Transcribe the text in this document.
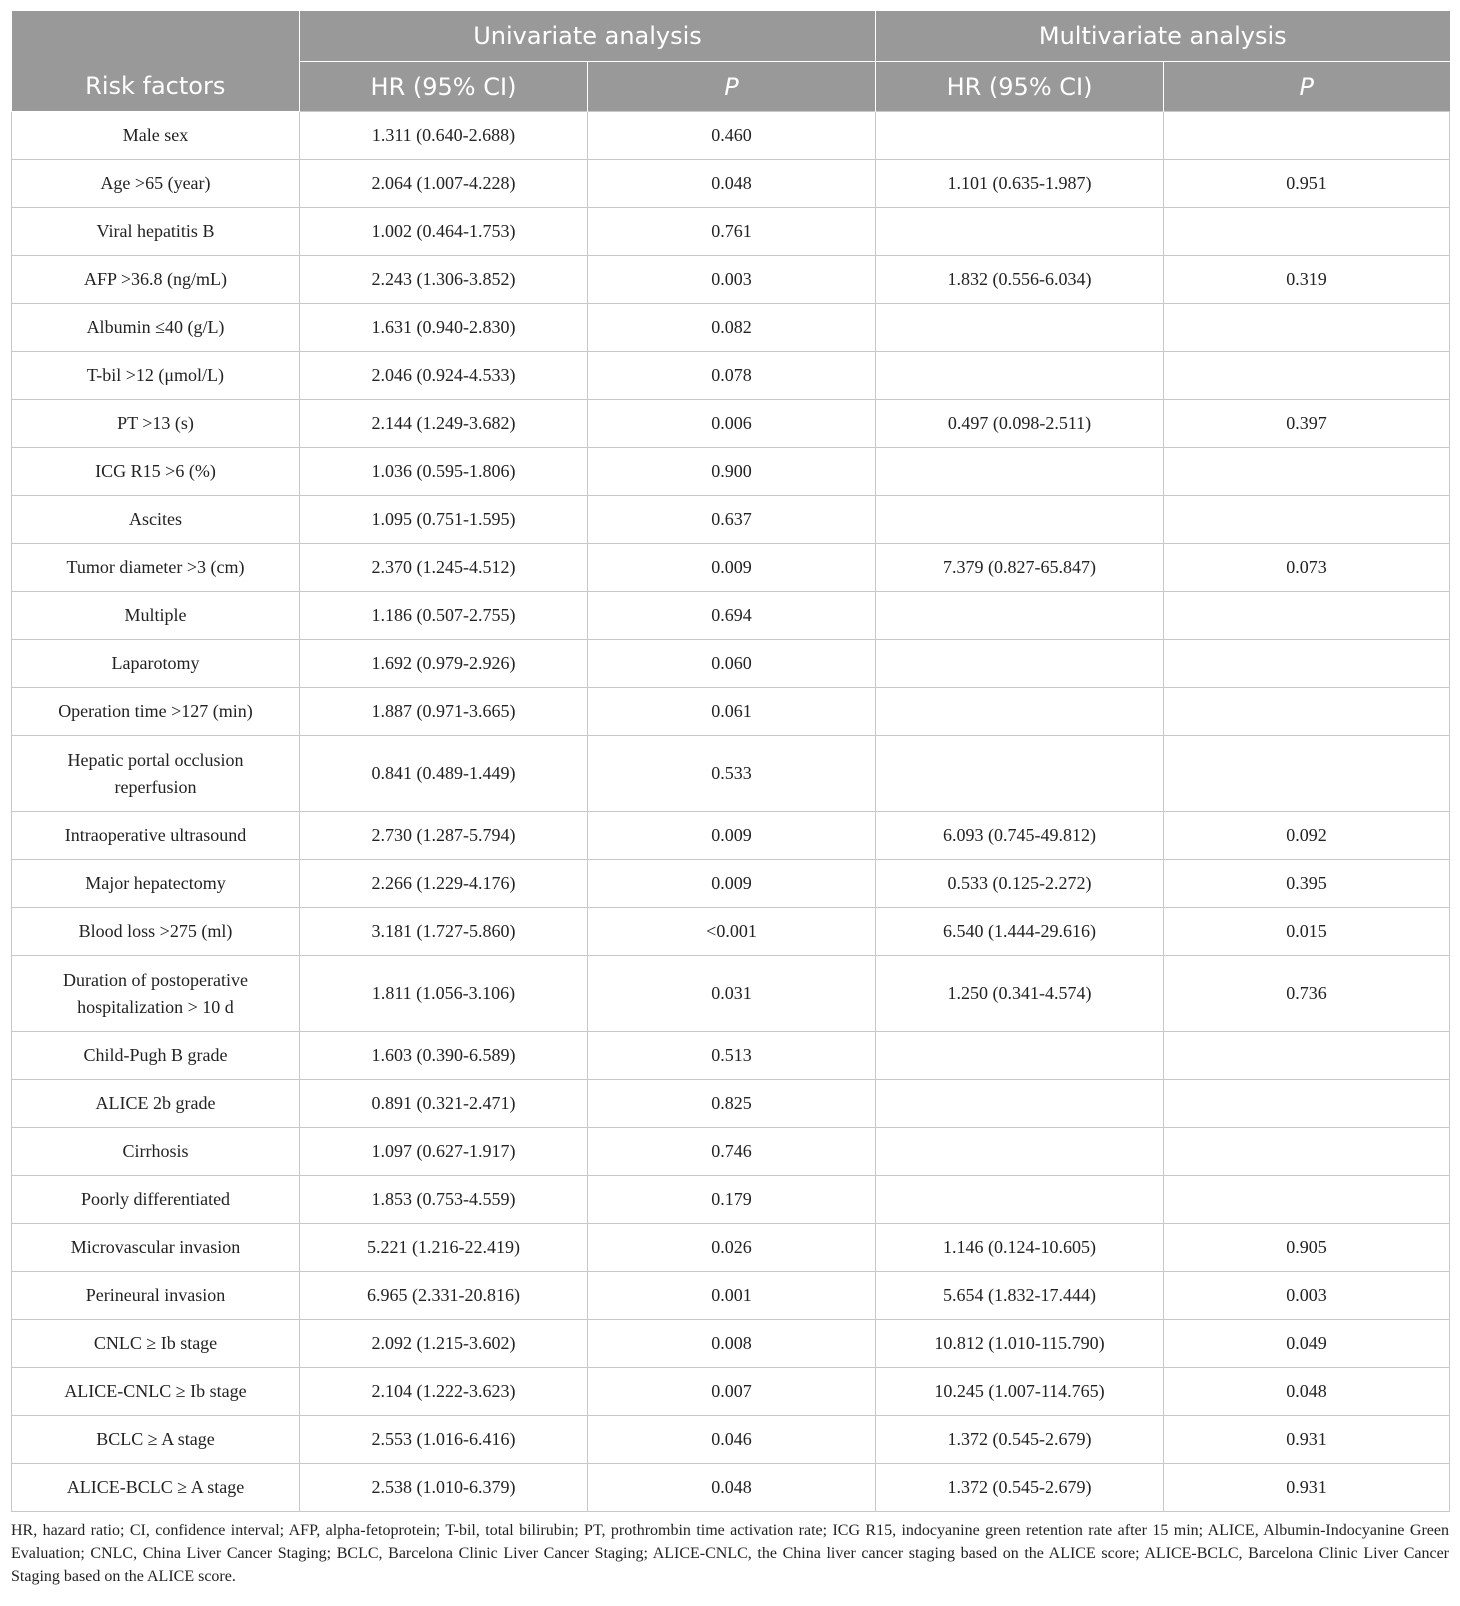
Risk factors	Univariate analysis		Multivariate analysis	
	HR (95% CI)	P	HR (95% CI)	P
Male sex	1.311 (0.640-2.688)	0.460		
Age >65 (year)	2.064 (1.007-4.228)	0.048	1.101 (0.635-1.987)	0.951
Viral hepatitis B	1.002 (0.464-1.753)	0.761		
AFP >36.8 (ng/mL)	2.243 (1.306-3.852)	0.003	1.832 (0.556-6.034)	0.319
Albumin ≤40 (g/L)	1.631 (0.940-2.830)	0.082		
T-bil >12 (μmol/L)	2.046 (0.924-4.533)	0.078		
PT >13 (s)	2.144 (1.249-3.682)	0.006	0.497 (0.098-2.511)	0.397
ICG R15 >6 (%)	1.036 (0.595-1.806)	0.900		
Ascites	1.095 (0.751-1.595)	0.637		
Tumor diameter >3 (cm)	2.370 (1.245-4.512)	0.009	7.379 (0.827-65.847)	0.073
Multiple	1.186 (0.507-2.755)	0.694		
Laparotomy	1.692 (0.979-2.926)	0.060		
Operation time >127 (min)	1.887 (0.971-3.665)	0.061		
Hepatic portal occlusion reperfusion	0.841 (0.489-1.449)	0.533		
Intraoperative ultrasound	2.730 (1.287-5.794)	0.009	6.093 (0.745-49.812)	0.092
Major hepatectomy	2.266 (1.229-4.176)	0.009	0.533 (0.125-2.272)	0.395
Blood loss >275 (ml)	3.181 (1.727-5.860)	<0.001	6.540 (1.444-29.616)	0.015
Duration of postoperative hospitalization > 10 d	1.811 (1.056-3.106)	0.031	1.250 (0.341-4.574)	0.736
Child-Pugh B grade	1.603 (0.390-6.589)	0.513		
ALICE 2b grade	0.891 (0.321-2.471)	0.825		
Cirrhosis	1.097 (0.627-1.917)	0.746		
Poorly differentiated	1.853 (0.753-4.559)	0.179		
Microvascular invasion	5.221 (1.216-22.419)	0.026	1.146 (0.124-10.605)	0.905
Perineural invasion	6.965 (2.331-20.816)	0.001	5.654 (1.832-17.444)	0.003
CNLC ≥ Ib stage	2.092 (1.215-3.602)	0.008	10.812 (1.010-115.790)	0.049
ALICE-CNLC ≥ Ib stage	2.104 (1.222-3.623)	0.007	10.245 (1.007-114.765)	0.048
BCLC ≥ A stage	2.553 (1.016-6.416)	0.046	1.372 (0.545-2.679)	0.931
ALICE-BCLC ≥ A stage	2.538 (1.010-6.379)	0.048	1.372 (0.545-2.679)	0.931
HR, hazard ratio; CI, confidence interval; AFP, alpha-fetoprotein; T-bil, total bilirubin; PT, prothrombin time activation rate; ICG R15, indocyanine green retention rate after 15 min; ALICE, Albumin-Indocyanine Green Evaluation; CNLC, China Liver Cancer Staging; BCLC, Barcelona Clinic Liver Cancer Staging; ALICE-CNLC, the China liver cancer staging based on the ALICE score; ALICE-BCLC, Barcelona Clinic Liver Cancer Staging based on the ALICE score.
